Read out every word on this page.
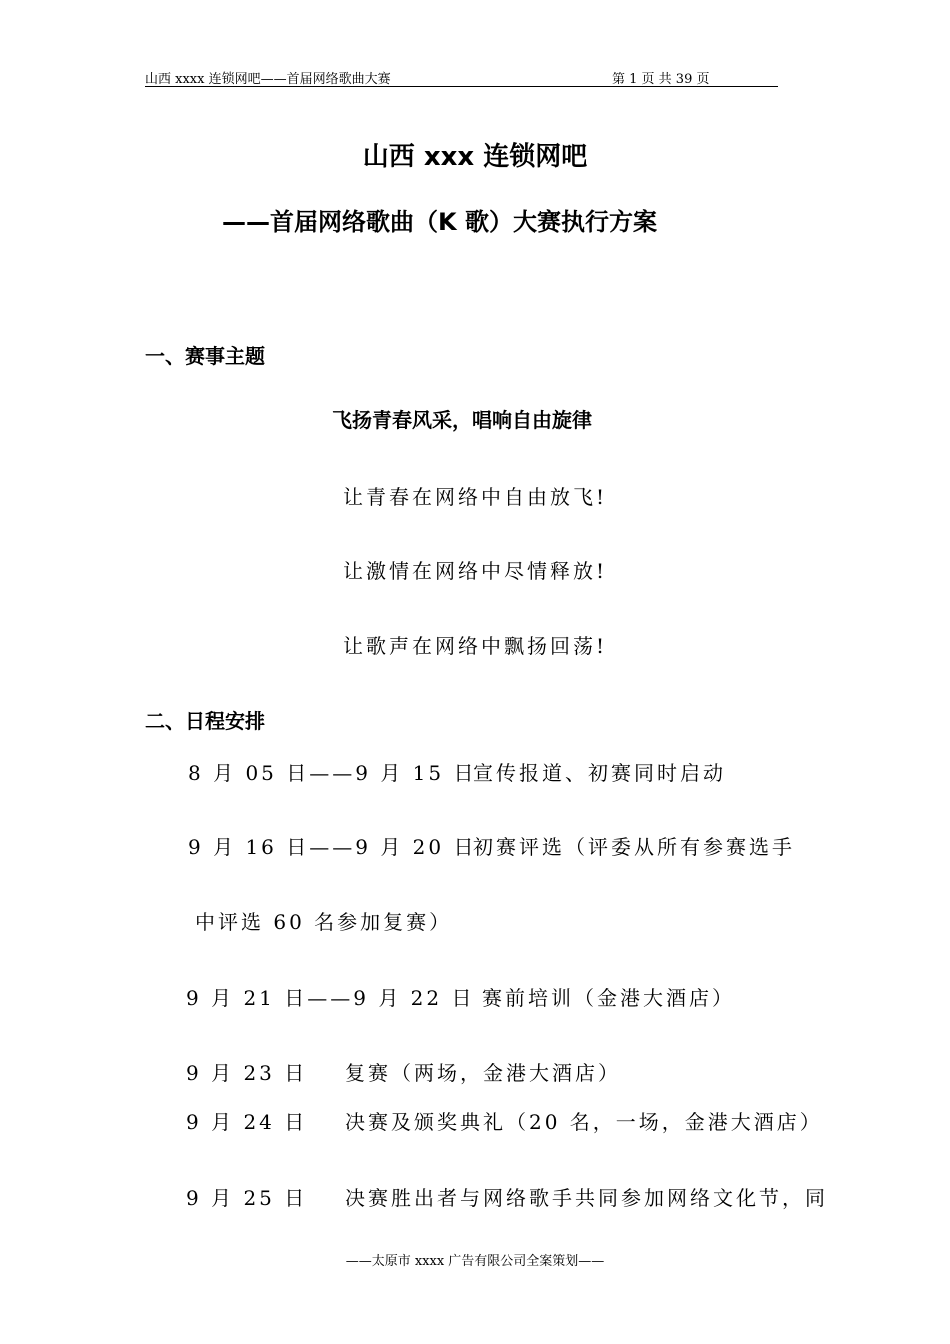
山西 xxxx 连锁网吧——首届网络歌曲大赛	第 1 页 共 39 页
山西 xxx 连锁网吧
——首届网络歌曲（K 歌）大赛执行方案
一、赛事主题
飞扬青春风采，唱响自由旋律
让青春在网络中自由放飞!
让激情在网络中尽情释放!
让歌声在网络中飘扬回荡!
二、日程安排
8 月 05 日——9 月 15 日
宣传报道、初赛同时启动
9 月 16 日——9 月 20 日
初赛评选（评委从所有参赛选手
中评选 60 名参加复赛）
9 月 21 日——9 月 22 日 赛前培训（金港大酒店）
9 月 23 日 复赛（两场，金港大酒店）
9 月 24 日 决赛及颁奖典礼（20 名，一场，金港大酒店）
9 月 25 日 决赛胜出者与网络歌手共同参加网络文化节，同
——太原市 xxxx 广告有限公司全案策划——
